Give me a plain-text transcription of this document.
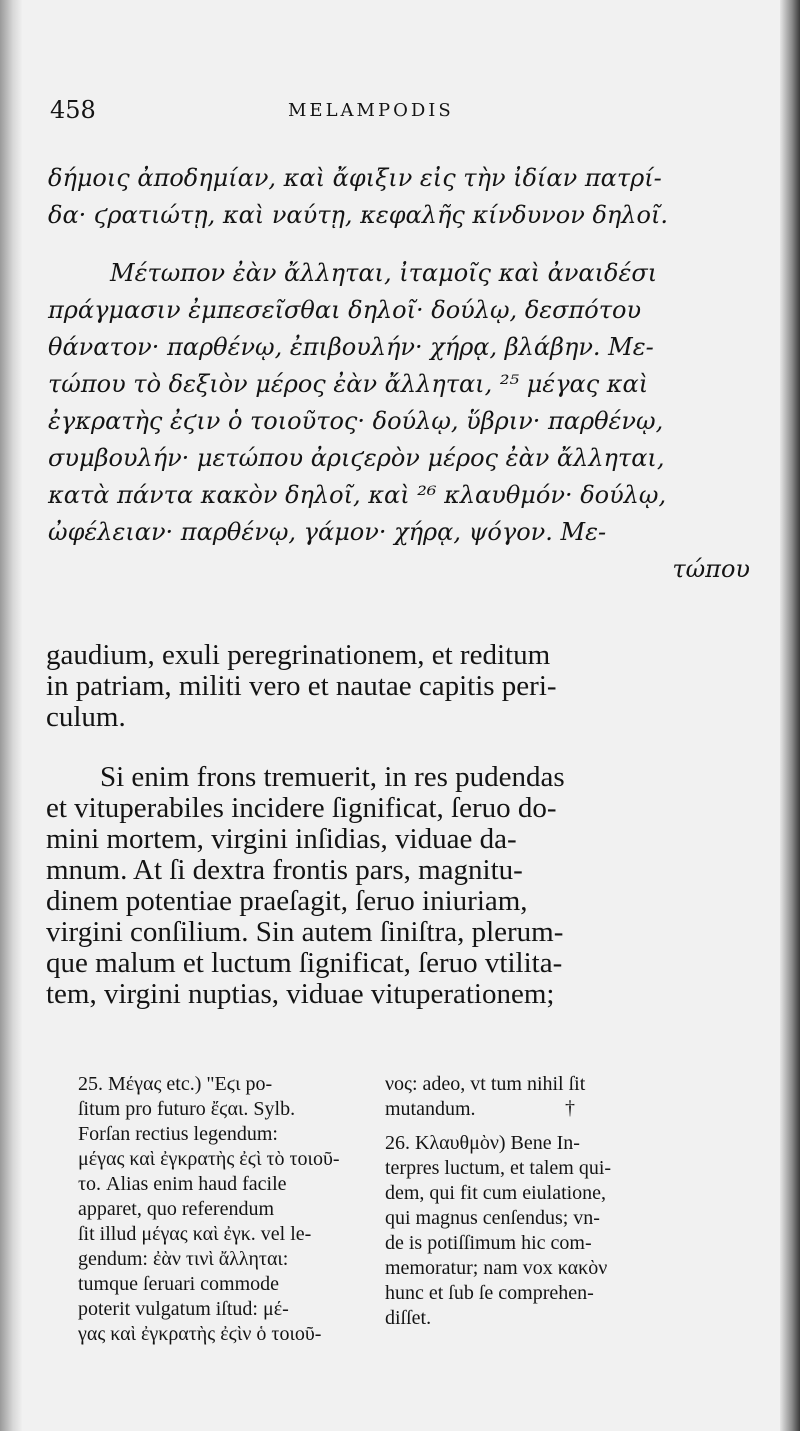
458	MELAMPODIS
δήμοις ἀποδημίαν, καὶ ἄφιξιν εἰς τὴν ἰδίαν πατρί-
δα· ϛρατιώτῃ, καὶ ναύτῃ, κεφαλῆς κίνδυνον δηλοῖ.
Μέτωπον ἐὰν ἄλληται, ἰταμοῖς καὶ ἀναιδέσι
πράγμασιν ἐμπεσεῖσθαι δηλοῖ· δούλῳ, δεσπότου
θάνατον· παρθένῳ, ἐπιβουλήν· χήρᾳ, βλάβην. Με-
τώπου τὸ δεξιὸν μέρος ἐὰν ἄλληται, ²⁵ μέγας καὶ
ἐγκρατὴς ἐϛιν ὁ τοιοῦτος· δούλῳ, ὕβριν· παρθένῳ,
συμβουλήν· μετώπου ἀριϛερὸν μέρος ἐὰν ἄλληται,
κατὰ πάντα κακὸν δηλοῖ, καὶ ²⁶ κλαυθμόν· δούλῳ,
ὠφέλειαν· παρθένῳ, γάμον· χήρᾳ, ψόγον. Με-
τώπου
gaudium, exuli peregrinationem, et reditum
in patriam, militi vero et nautae capitis peri-
culum.
Si enim frons tremuerit, in res pudendas
et vituperabiles incidere ſignificat, ſeruo do-
mini mortem, virgini inſidias, viduae da-
mnum. At ſi dextra frontis pars, magnitu-
dinem potentiae praeſagit, ſeruo iniuriam,
virgini conſilium. Sin autem ſiniſtra, plerum-
que malum et luctum ſignificat, ſeruo vtilita-
tem, virgini nuptias, viduae vituperationem;
25. Μέγας etc.) "Εϛι po-
ſitum pro futuro ἔϛαι. Sylb.
Forſan rectius legendum:
μέγας καὶ ἐγκρατὴς ἐϛὶ τὸ τοιοῦ-
το. Alias enim haud facile
apparet, quo referendum
ſit illud μέγας καὶ ἐγκ. vel le-
gendum: ἐὰν τινὶ ἄλληται:
tumque ſeruari commode
poterit vulgatum iſtud: μέ-
γας καὶ ἐγκρατὴς ἐϛὶν ὁ τοιοῦ-
νος: adeo, vt tum nihil ſit
mutandum.	†
26. Κλαυθμὸν) Bene In-
terpres luctum, et talem qui-
dem, qui fit cum eiulatione,
qui magnus cenſendus; vn-
de is potiſſimum hic com-
memoratur; nam vox κακὸν
hunc et ſub ſe comprehen-
diſſet.
